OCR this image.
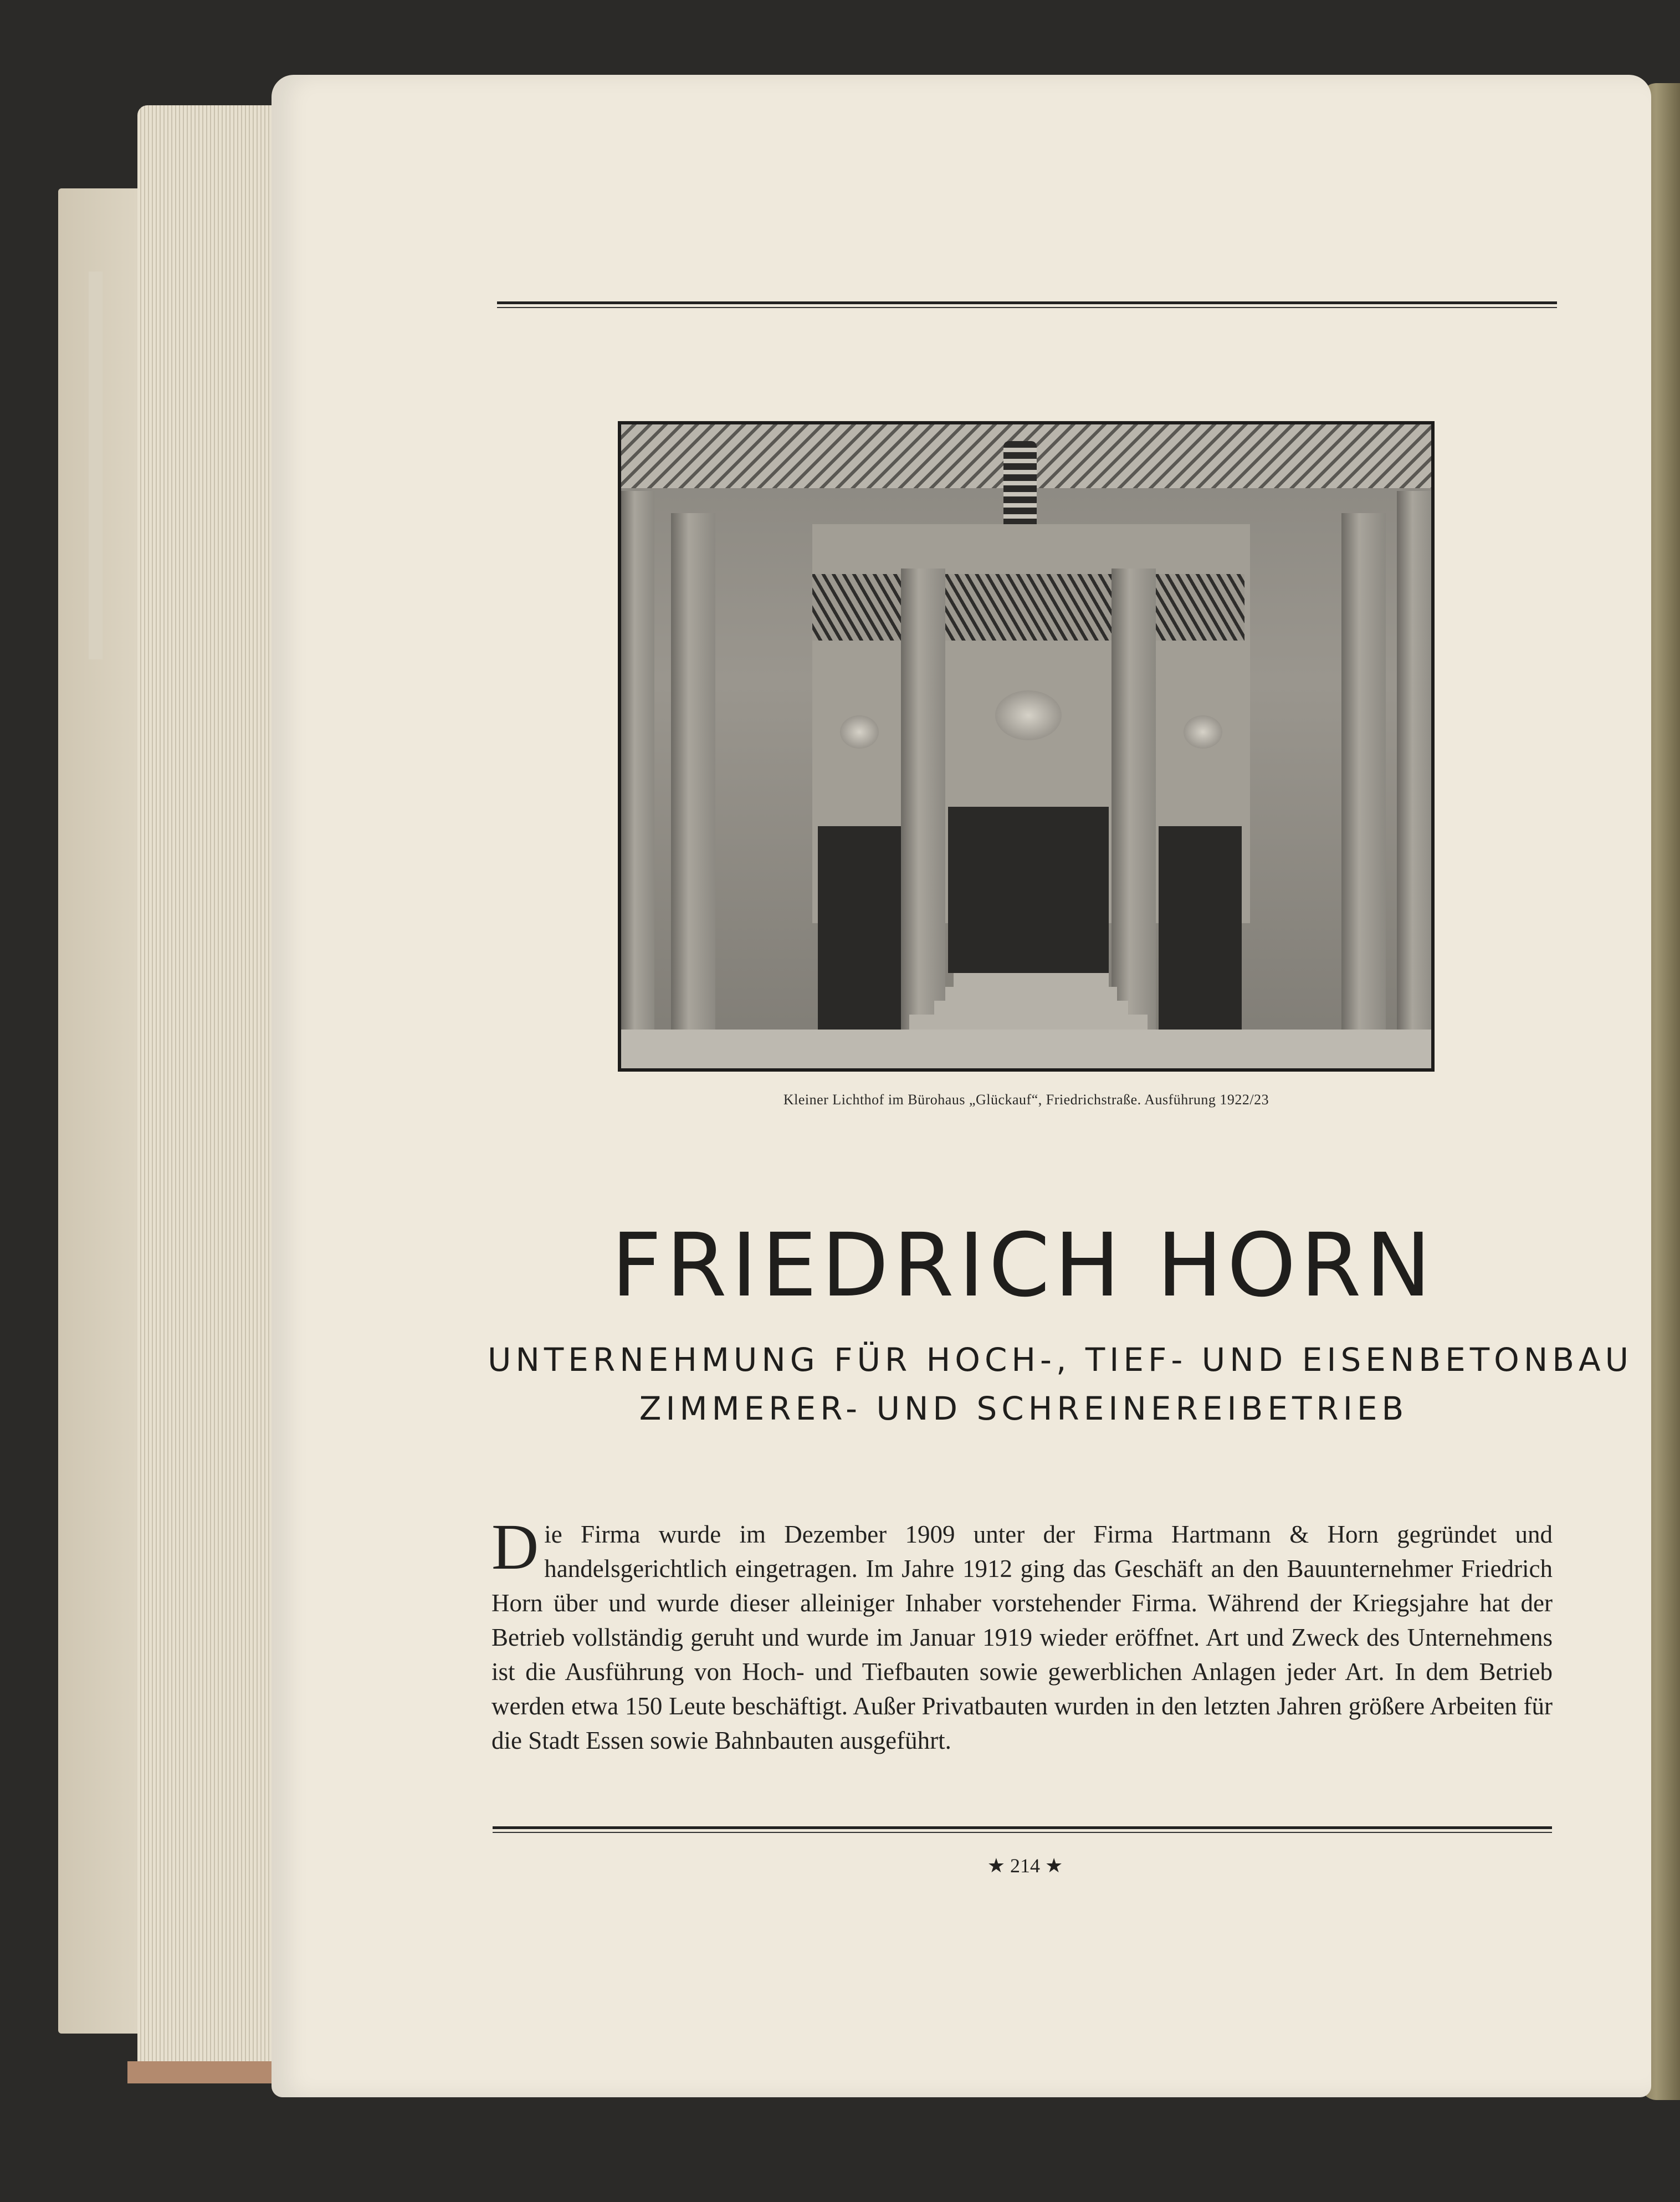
Kleiner Lichthof im Bürohaus „Glückauf“, Friedrichstraße. Ausführung 1922/23
FRIEDRICH HORN
UNTERNEHMUNG FÜR HOCH-, TIEF- UND EISENBETONBAU
ZIMMERER- UND SCHREINEREIBETRIEB
Die Firma wurde im Dezember 1909 unter der Firma Hartmann & Horn gegründet und handelsgerichtlich eingetragen. Im Jahre 1912 ging das Geschäft an den Bauunternehmer Friedrich Horn über und wurde dieser alleiniger Inhaber vorstehender Firma. Während der Kriegsjahre hat der Betrieb vollständig geruht und wurde im Januar 1919 wieder eröffnet. Art und Zweck des Unternehmens ist die Ausführung von Hoch- und Tiefbauten sowie gewerblichen Anlagen jeder Art. In dem Betrieb werden etwa 150 Leute beschäftigt. Außer Privatbauten wurden in den letzten Jahren größere Arbeiten für die Stadt Essen sowie Bahnbauten ausgeführt.
★ 214 ★
